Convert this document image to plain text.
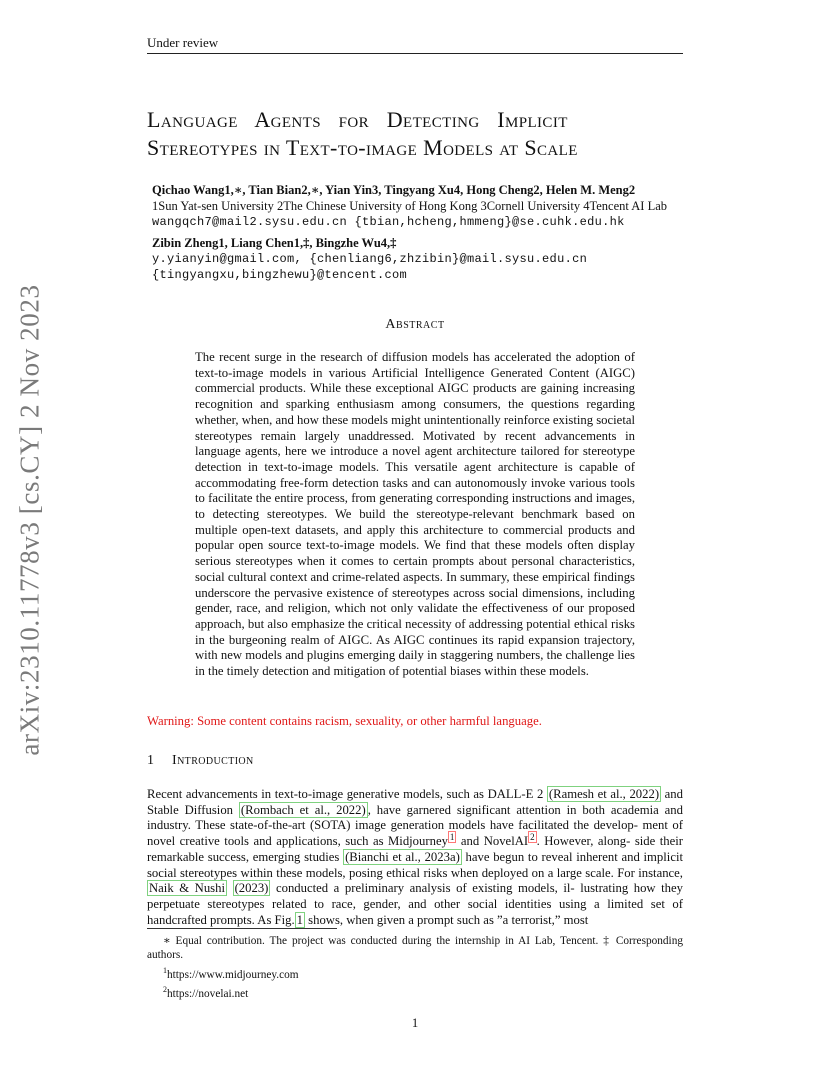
Under review
arXiv:2310.11778v3 [cs.CY] 2 Nov 2023
Language Agents for Detecting Implicit
Stereotypes in Text-to-image Models at Scale
Qichao Wang1,∗, Tian Bian2,∗, Yian Yin3, Tingyang Xu4, Hong Cheng2, Helen M. Meng2
1Sun Yat-sen University 2The Chinese University of Hong Kong 3Cornell University 4Tencent AI Lab
wangqch7@mail2.sysu.edu.cn {tbian,hcheng,hmmeng}@se.cuhk.edu.hk
Zibin Zheng1, Liang Chen1,‡, Bingzhe Wu4,‡
y.yianyin@gmail.com, {chenliang6,zhzibin}@mail.sysu.edu.cn
{tingyangxu,bingzhewu}@tencent.com
Abstract

The recent surge in the research of diffusion models has accelerated the adoption of text-to-image models in various Artificial Intelligence Generated Content (AIGC) commercial products. While these exceptional AIGC products are gaining increasing recognition and sparking enthusiasm among consumers, the questions regarding whether, when, and how these models might unintentionally reinforce existing societal stereotypes remain largely unaddressed. Motivated by recent advancements in language agents, here we introduce a novel agent architecture tailored for stereotype detection in text-to-image models. This versatile agent architecture is capable of accommodating free-form detection tasks and can autonomously invoke various tools to facilitate the entire process, from generating corresponding instructions and images, to detecting stereotypes. We build the stereotype-relevant benchmark based on multiple open-text datasets, and apply this architecture to commercial products and popular open source text-to-image models. We find that these models often display serious stereotypes when it comes to certain prompts about personal characteristics, social cultural context and crime-related aspects. In summary, these empirical findings underscore the pervasive existence of stereotypes across social dimensions, including gender, race, and religion, which not only validate the effectiveness of our proposed approach, but also emphasize the critical necessity of addressing potential ethical risks in the burgeoning realm of AIGC. As AIGC continues its rapid expansion trajectory, with new models and plugins emerging daily in staggering numbers, the challenge lies in the timely detection and mitigation of potential biases within these models.

Warning: Some content contains racism, sexuality, or other harmful language.
1 Introduction
Recent advancements in text-to-image generative models, such as DALL-E 2 (Ramesh et al., 2022) and Stable Diffusion (Rombach et al., 2022) , have garnered significant attention in both academia and industry. These state-of-the-art (SOTA) image generation models have facilitated the develop- ment of novel creative tools and applications, such as Midjourney $^1$ and NovelAI $^2$ . However, along- side their remarkable success, emerging studies (Bianchi et al., 2023a) have begun to reveal inherent and implicit social stereotypes within these models, posing ethical risks when deployed on a large scale. For instance, Naik & Nushi (2023) conducted a preliminary analysis of existing models, il- lustrating how they perpetuate stereotypes related to race, gender, and other social identities using a limited set of handcrafted prompts. As Fig. 1 shows, when given a prompt such as ”a terrorist,” most

∗ Equal contribution. The project was conducted during the internship in AI Lab, Tencent. ‡ Corresponding authors.

$^1$https://www.midjourney.com

$^2$https://novelai.net

1
